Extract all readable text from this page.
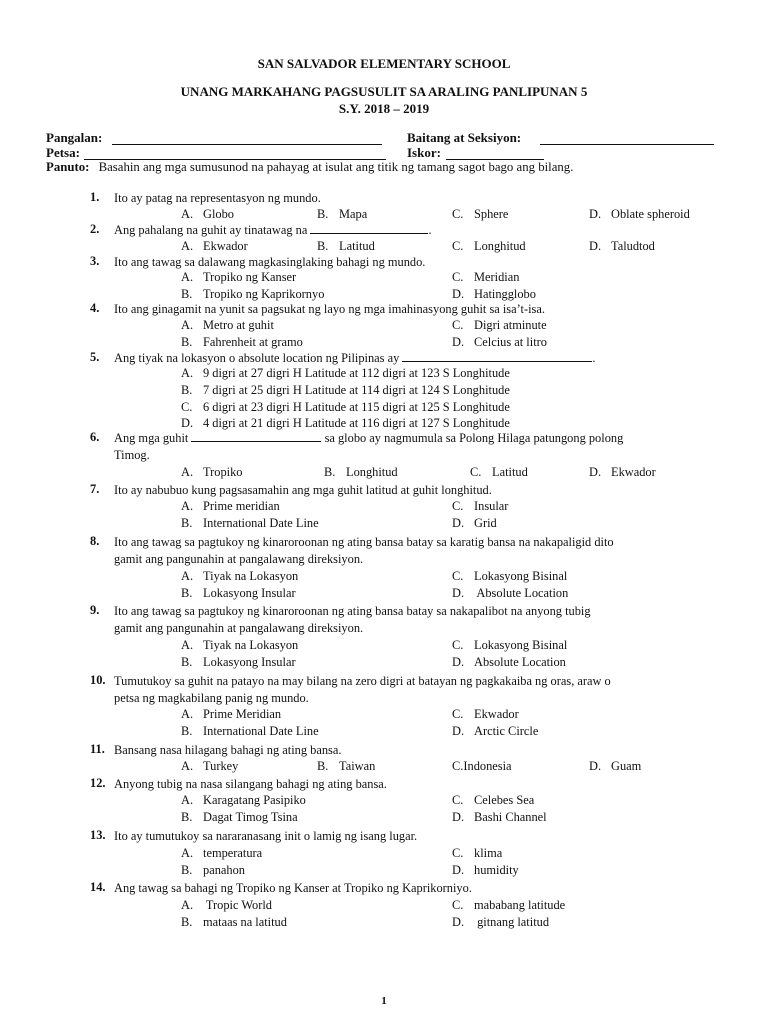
SAN SALVADOR ELEMENTARY SCHOOL
UNANG MARKAHANG PAGSUSULIT SA ARALING PANLIPUNAN 5
S.Y. 2018 – 2019
Pangalan:	Baitang at Seksiyon:
Petsa:	Iskor:
Panuto: Basahin ang mga sumusunod na pahayag at isulat ang titik ng tamang sagot bago ang bilang.
1. Ito ay patag na representasyon ng mundo.
A. Globo	B. Mapa	C. Sphere	D. Oblate spheroid
2. Ang pahalang na guhit ay tinatawag na	.
A. Ekwador	B. Latitud	C. Longhitud	D. Taludtod
3. Ito ang tawag sa dalawang magkasinglaking bahagi ng mundo.
A. Tropiko ng Kanser	C. Meridian
B. Tropiko ng Kaprikornyo	D. Hatingglobo
4. Ito ang ginagamit na yunit sa pagsukat ng layo ng mga imahinasyong guhit sa isa’t-isa.
A. Metro at guhit	C. Digri atminute
B. Fahrenheit at gramo	D. Celcius at litro
5. Ang tiyak na lokasyon o absolute location ng Pilipinas ay	.
A. 9 digri at 27 digri H Latitude at 112 digri at 123 S Longhitude
B. 7 digri at 25 digri H Latitude at 114 digri at 124 S Longhitude
C. 6 digri at 23 digri H Latitude at 115 digri at 125 S Longhitude
D. 4 digri at 21 digri H Latitude at 116 digri at 127 S Longhitude
6. Ang mga guhit	sa globo ay nagmumula sa Polong Hilaga patungong polong
Timog.
A. Tropiko	B. Longhitud	C. Latitud	D. Ekwador
7. Ito ay nabubuo kung pagsasamahin ang mga guhit latitud at guhit longhitud.
A. Prime meridian	C. Insular
B. International Date Line	D. Grid
8. Ito ang tawag sa pagtukoy ng kinaroroonan ng ating bansa batay sa karatig bansa na nakapaligid dito
gamit ang pangunahin at pangalawang direksiyon.
A. Tiyak na Lokasyon	C. Lokasyong Bisinal
B. Lokasyong Insular	D. Absolute Location
9. Ito ang tawag sa pagtukoy ng kinaroroonan ng ating bansa batay sa nakapalibot na anyong tubig
gamit ang pangunahin at pangalawang direksiyon.
A. Tiyak na Lokasyon	C. Lokasyong Bisinal
B. Lokasyong Insular	D. Absolute Location
10. Tumutukoy sa guhit na patayo na may bilang na zero digri at batayan ng pagkakaiba ng oras, araw o
petsa ng magkabilang panig ng mundo.
A. Prime Meridian	C. Ekwador
B. International Date Line	D. Arctic Circle
11. Bansang nasa hilagang bahagi ng ating bansa.
A. Turkey	B. Taiwan	C.Indonesia	D. Guam
12. Anyong tubig na nasa silangang bahagi ng ating bansa.
A. Karagatang Pasipiko	C. Celebes Sea
B. Dagat Timog Tsina	D. Bashi Channel
13. Ito ay tumutukoy sa nararanasang init o lamig ng isang lugar.
A. temperatura	C. klima
B. panahon	D. humidity
14. Ang tawag sa bahagi ng Tropiko ng Kanser at Tropiko ng Kaprikorniyo.
A. Tropic World	C. mababang latitude
B. mataas na latitud	D. gitnang latitud
1
